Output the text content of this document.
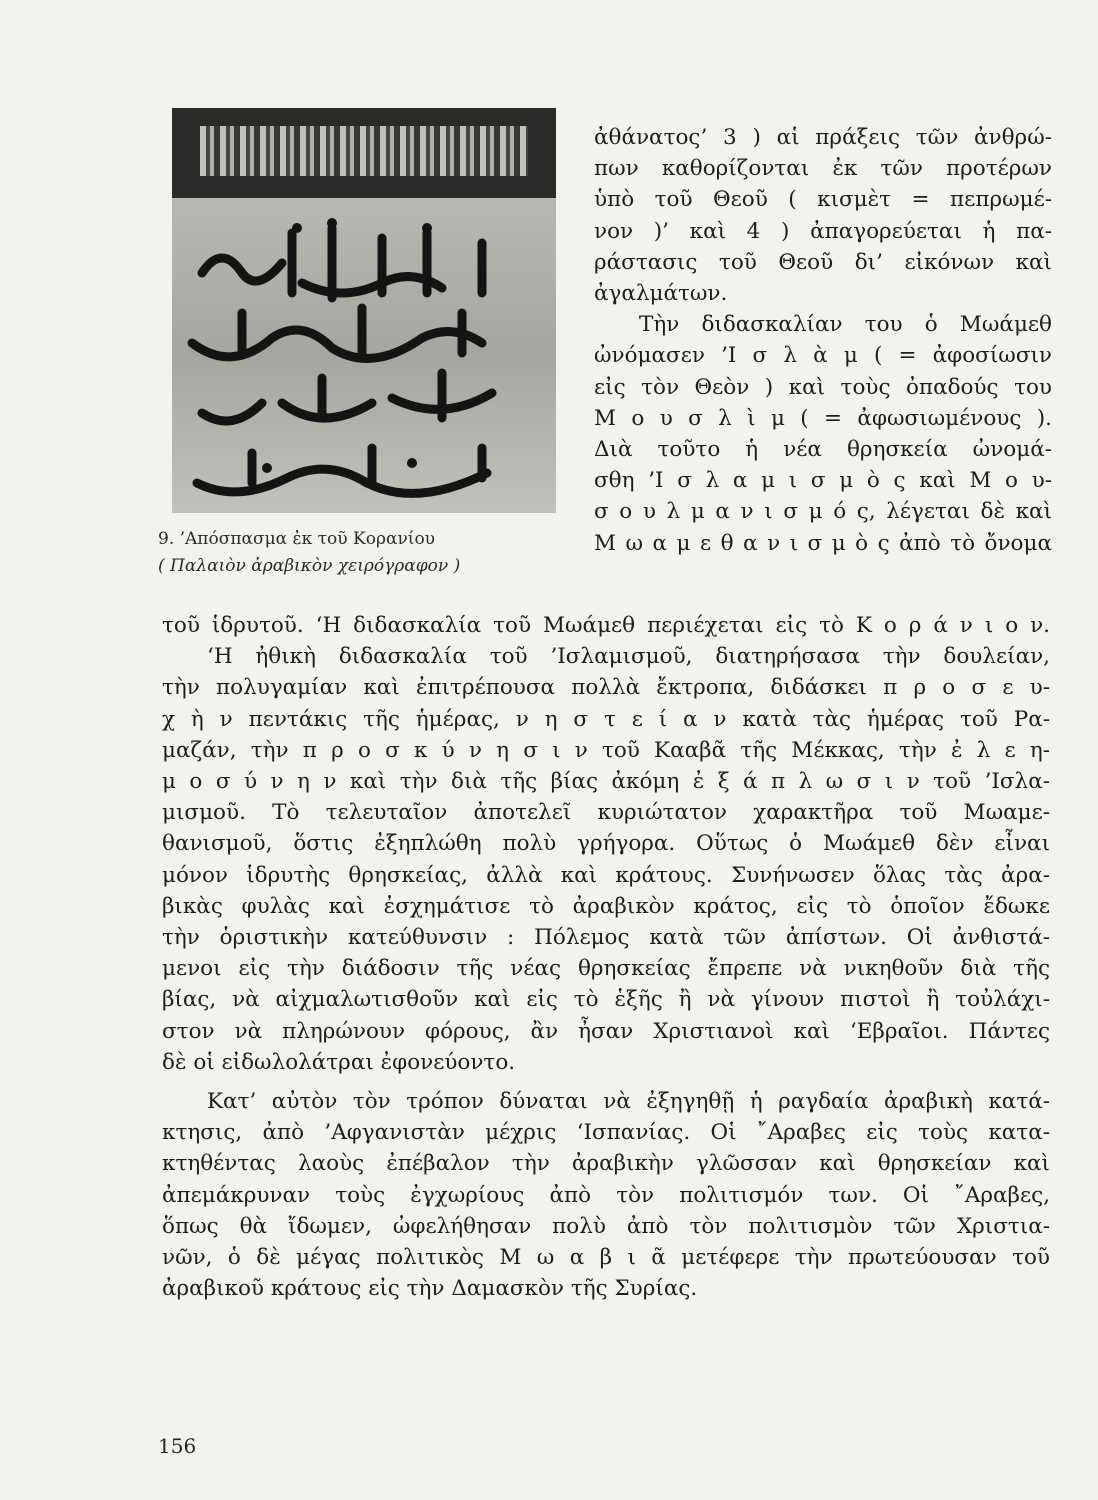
9. ’Απόσπασμα ἐκ τοῦ Κορανίου
( Παλαιὸν ἀραβικὸν χειρόγραφον )
ἀθάνατος’ 3 ) αἱ πράξεις τῶν ἀνθρώ-
πων καθορίζονται ἐκ τῶν προτέρων
ὑπὸ τοῦ Θεοῦ ( κισμὲτ = πεπρωμέ-
νον )’ καὶ 4 ) ἀπαγορεύεται ἡ πα-
ράστασις τοῦ Θεοῦ δι’ εἰκόνων καὶ
ἀγαλμάτων.
Τὴν διδασκαλίαν του ὁ Μωάμεθ
ὠνόμασεν ’Ι σ λ ὰ μ ( = ἀφοσίωσιν
εἰς τὸν Θεὸν ) καὶ τοὺς ὀπαδούς του
Μ ο υ σ λ ὶ μ ( = ἀφωσιωμένους ).
Διὰ τοῦτο ἡ νέα θρησκεία ὠνομά-
σθη ’Ι σ λ α μ ι σ μ ὸ ς καὶ Μ ο υ-
σ ο υ λ μ α ν ι σ μ ό ς, λέγεται δὲ καὶ
Μ ω α μ ε θ α ν ι σ μ ὸ ς ἀπὸ τὸ ὄνομα
τοῦ ἱδρυτοῦ. ‘Η διδασκαλία τοῦ Μωάμεθ περιέχεται εἰς τὸ Κ ο ρ ά ν ι ο ν.
‘Η ἠθικὴ διδασκαλία τοῦ ’Ισλαμισμοῦ, διατηρήσασα τὴν δουλείαν,
τὴν πολυγαμίαν καὶ ἐπιτρέπουσα πολλὰ ἔκτροπα, διδάσκει π ρ ο σ ε υ-
χ ὴ ν πεντάκις τῆς ἡμέρας, ν η σ τ ε ί α ν κατὰ τὰς ἡμέρας τοῦ Ρα-
μαζάν, τὴν π ρ ο σ κ ύ ν η σ ι ν τοῦ Κααβᾶ τῆς Μέκκας, τὴν ἐ λ ε η-
μ ο σ ύ ν η ν καὶ τὴν διὰ τῆς βίας ἀκόμη ἐ ξ ά π λ ω σ ι ν τοῦ ’Ισλα-
μισμοῦ. Τὸ τελευταῖον ἀποτελεῖ κυριώτατον χαρακτῆρα τοῦ Μωαμε-
θανισμοῦ, ὅστις ἐξηπλώθη πολὺ γρήγορα. Οὕτως ὁ Μωάμεθ δὲν εἶναι
μόνον ἱδρυτὴς θρησκείας, ἀλλὰ καὶ κράτους. Συνήνωσεν ὅλας τὰς ἀρα-
βικὰς φυλὰς καὶ ἐσχημάτισε τὸ ἀραβικὸν κράτος, εἰς τὸ ὁποῖον ἔδωκε
τὴν ὁριστικὴν κατεύθυνσιν : Πόλεμος κατὰ τῶν ἀπίστων. Οἱ ἀνθιστά-
μενοι εἰς τὴν διάδοσιν τῆς νέας θρησκείας ἔπρεπε νὰ νικηθοῦν διὰ τῆς
βίας, νὰ αἰχμαλωτισθοῦν καὶ εἰς τὸ ἑξῆς ἢ νὰ γίνουν πιστοὶ ἢ τοὐλάχι-
στον νὰ πληρώνουν φόρους, ἂν ἦσαν Χριστιανοὶ καὶ ‘Εβραῖοι. Πάντες
δὲ οἱ εἰδωλολάτραι ἐφονεύοντο.
Κατ’ αὐτὸν τὸν τρόπον δύναται νὰ ἐξηγηθῇ ἡ ραγδαία ἀραβικὴ κατά-
κτησις, ἀπὸ ’Αφγανιστὰν μέχρις ‘Ισπανίας. Οἱ ῎Αραβες εἰς τοὺς κατα-
κτηθέντας λαοὺς ἐπέβαλον τὴν ἀραβικὴν γλῶσσαν καὶ θρησκείαν καὶ
ἀπεμάκρυναν τοὺς ἐγχωρίους ἀπὸ τὸν πολιτισμόν των. Οἱ ῎Αραβες,
ὅπως θὰ ἴδωμεν, ὠφελήθησαν πολὺ ἀπὸ τὸν πολιτισμὸν τῶν Χριστια-
νῶν, ὁ δὲ μέγας πολιτικὸς Μ ω α β ι ᾶ μετέφερε τὴν πρωτεύουσαν τοῦ
ἀραβικοῦ κράτους εἰς τὴν Δαμασκὸν τῆς Συρίας.
156
